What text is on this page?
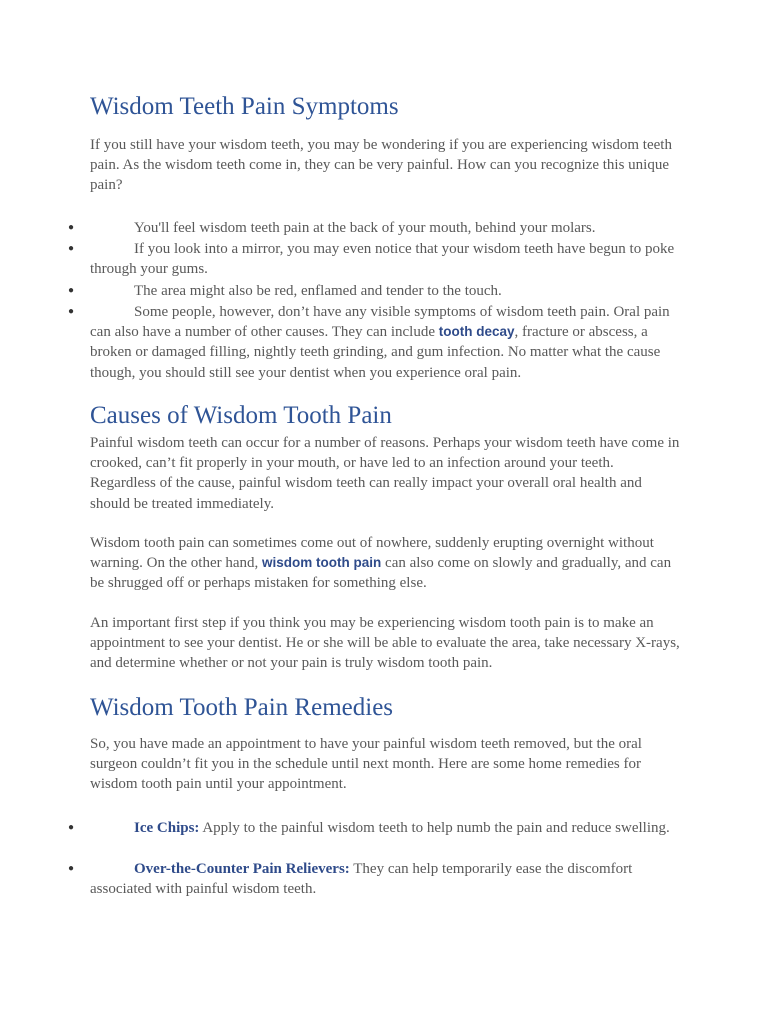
Wisdom Teeth Pain Symptoms

If you still have your wisdom teeth, you may be wondering if you are experiencing wisdom teeth pain. As the wisdom teeth come in, they can be very painful. How can you recognize this unique pain?

●	You'll feel wisdom teeth pain at the back of your mouth, behind your molars.
●	If you look into a mirror, you may even notice that your wisdom teeth have begun to poke through your gums.
●	The area might also be red, enflamed and tender to the touch.
●	Some people, however, don’t have any visible symptoms of wisdom teeth pain. Oral pain can also have a number of other causes. They can include tooth decay, fracture or abscess, a broken or damaged filling, nightly teeth grinding, and gum infection. No matter what the cause though, you should still see your dentist when you experience oral pain.
Causes of Wisdom Tooth Pain

Painful wisdom teeth can occur for a number of reasons. Perhaps your wisdom teeth have come in crooked, can’t fit properly in your mouth, or have led to an infection around your teeth. Regardless of the cause, painful wisdom teeth can really impact your overall oral health and should be treated immediately.

Wisdom tooth pain can sometimes come out of nowhere, suddenly erupting overnight without warning. On the other hand, wisdom tooth pain can also come on slowly and gradually, and can be shrugged off or perhaps mistaken for something else.

An important first step if you think you may be experiencing wisdom tooth pain is to make an appointment to see your dentist. He or she will be able to evaluate the area, take necessary X-rays, and determine whether or not your pain is truly wisdom tooth pain.

Wisdom Tooth Pain Remedies

So, you have made an appointment to have your painful wisdom teeth removed, but the oral surgeon couldn’t fit you in the schedule until next month. Here are some home remedies for wisdom tooth pain until your appointment.

●	Ice Chips: Apply to the painful wisdom teeth to help numb the pain and reduce swelling.
●	Over-the-Counter Pain Relievers: They can help temporarily ease the discomfort associated with painful wisdom teeth.
